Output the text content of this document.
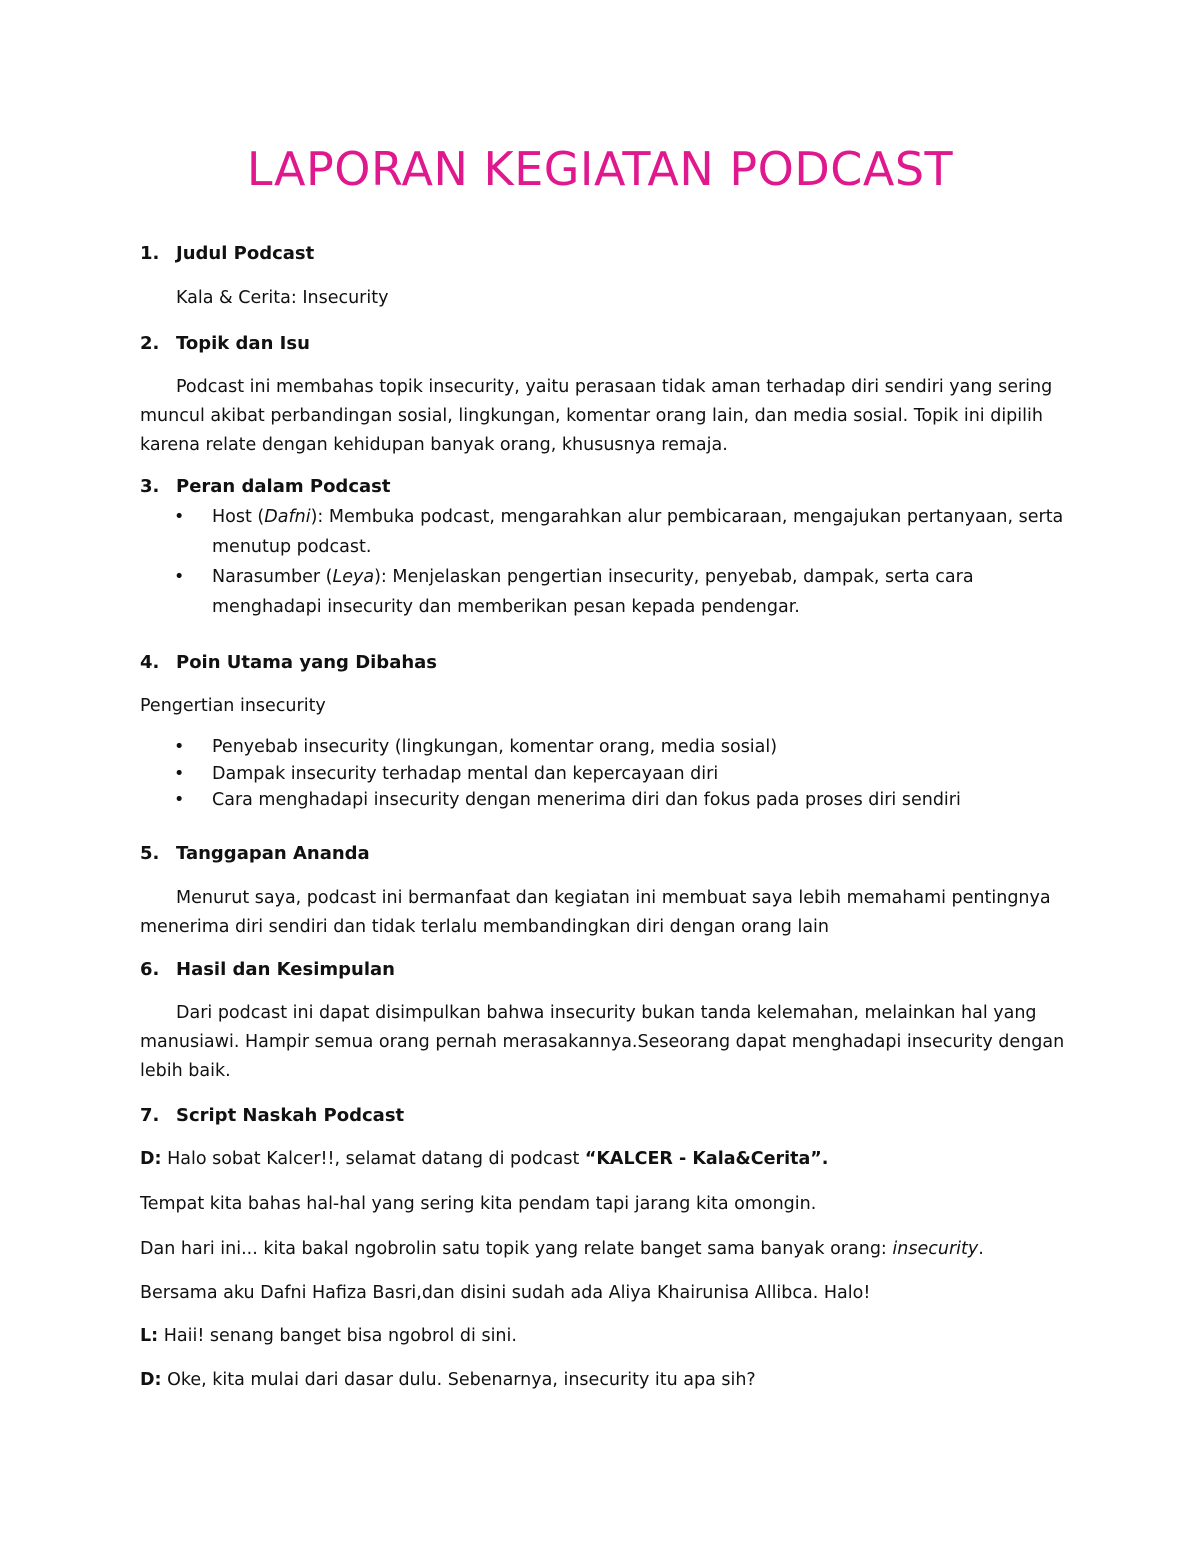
LAPORAN KEGIATAN PODCAST
1. Judul Podcast
Kala & Cerita: Insecurity
2. Topik dan Isu
Podcast ini membahas topik insecurity, yaitu perasaan tidak aman terhadap diri sendiri yang sering muncul akibat perbandingan sosial, lingkungan, komentar orang lain, dan media sosial. Topik ini dipilih karena relate dengan kehidupan banyak orang, khususnya remaja.
3. Peran dalam Podcast
• Host (Dafni): Membuka podcast, mengarahkan alur pembicaraan, mengajukan pertanyaan, serta menutup podcast.
• Narasumber (Leya): Menjelaskan pengertian insecurity, penyebab, dampak, serta cara menghadapi insecurity dan memberikan pesan kepada pendengar.
4. Poin Utama yang Dibahas
Pengertian insecurity
• Penyebab insecurity (lingkungan, komentar orang, media sosial)
• Dampak insecurity terhadap mental dan kepercayaan diri
• Cara menghadapi insecurity dengan menerima diri dan fokus pada proses diri sendiri
5. Tanggapan Ananda
Menurut saya, podcast ini bermanfaat dan kegiatan ini membuat saya lebih memahami pentingnya menerima diri sendiri dan tidak terlalu membandingkan diri dengan orang lain
6. Hasil dan Kesimpulan
Dari podcast ini dapat disimpulkan bahwa insecurity bukan tanda kelemahan, melainkan hal yang manusiawi. Hampir semua orang pernah merasakannya.Seseorang dapat menghadapi insecurity dengan lebih baik.
7. Script Naskah Podcast
D: Halo sobat Kalcer!!, selamat datang di podcast “KALCER - Kala&Cerita”.
Tempat kita bahas hal-hal yang sering kita pendam tapi jarang kita omongin.
Dan hari ini... kita bakal ngobrolin satu topik yang relate banget sama banyak orang: insecurity.
Bersama aku Dafni Hafiza Basri,dan disini sudah ada Aliya Khairunisa Allibca. Halo!
L: Haii! senang banget bisa ngobrol di sini.
D: Oke, kita mulai dari dasar dulu. Sebenarnya, insecurity itu apa sih?
